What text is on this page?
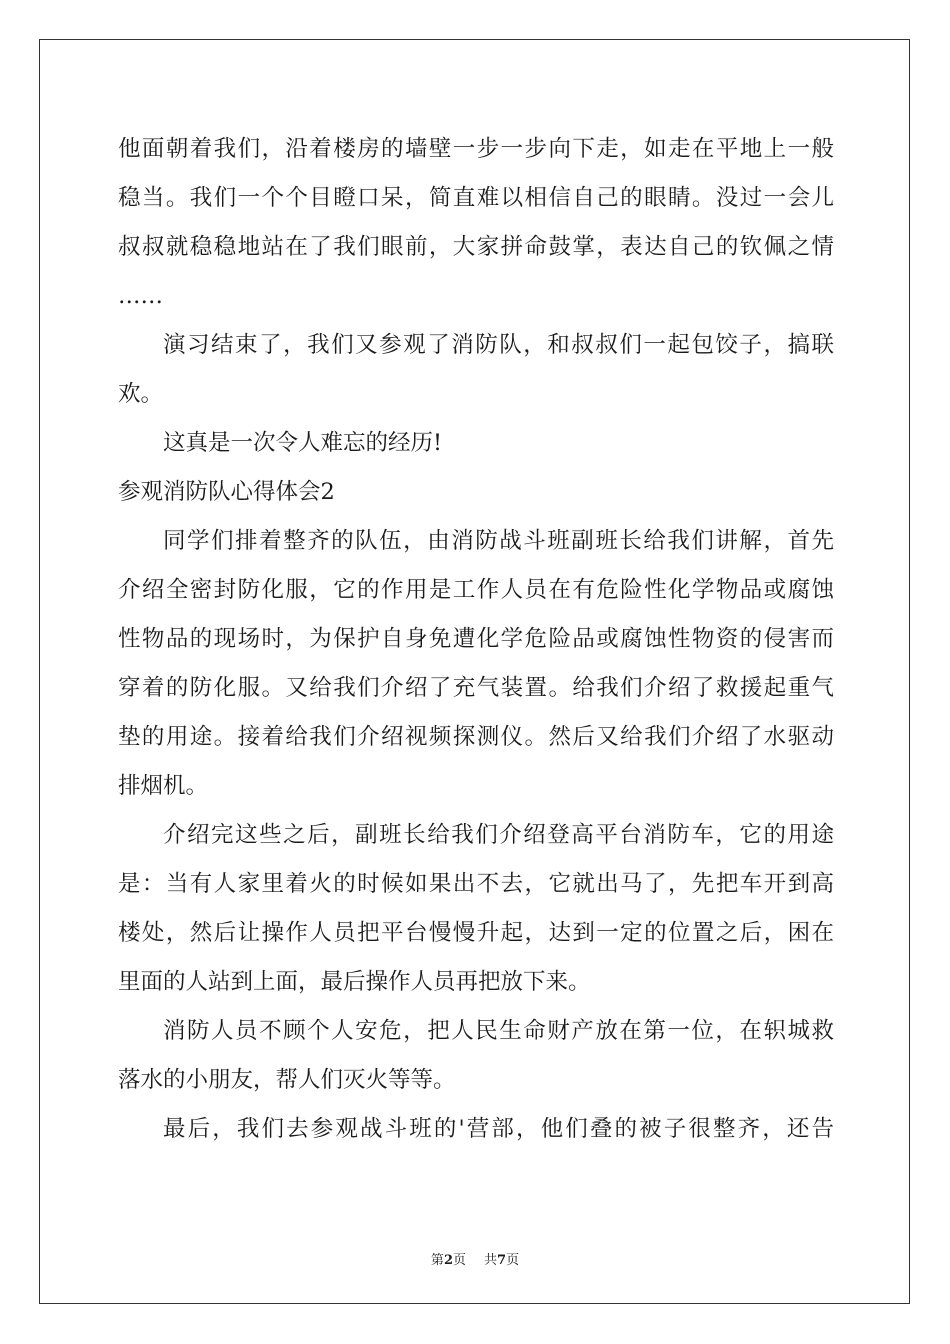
他面朝着我们，沿着楼房的墙壁一步一步向下走，如走在平地上一般
稳当。我们一个个目瞪口呆，简直难以相信自己的眼睛。没过一会儿
叔叔就稳稳地站在了我们眼前，大家拼命鼓掌，表达自己的钦佩之情
……
演习结束了，我们又参观了消防队，和叔叔们一起包饺子，搞联
欢。
这真是一次令人难忘的经历!
参观消防队心得体会2
同学们排着整齐的队伍，由消防战斗班副班长给我们讲解，首先
介绍全密封防化服，它的作用是工作人员在有危险性化学物品或腐蚀
性物品的现场时，为保护自身免遭化学危险品或腐蚀性物资的侵害而
穿着的防化服。又给我们介绍了充气装置。给我们介绍了救援起重气
垫的用途。接着给我们介绍视频探测仪。然后又给我们介绍了水驱动
排烟机。
介绍完这些之后，副班长给我们介绍登高平台消防车，它的用途
是：当有人家里着火的时候如果出不去，它就出马了，先把车开到高
楼处，然后让操作人员把平台慢慢升起，达到一定的位置之后，困在
里面的人站到上面，最后操作人员再把放下来。
消防人员不顾个人安危，把人民生命财产放在第一位，在轵城救
落水的小朋友，帮人们灭火等等。
最后，我们去参观战斗班的'营部，他们叠的被子很整齐，还告
第2页 共7页
